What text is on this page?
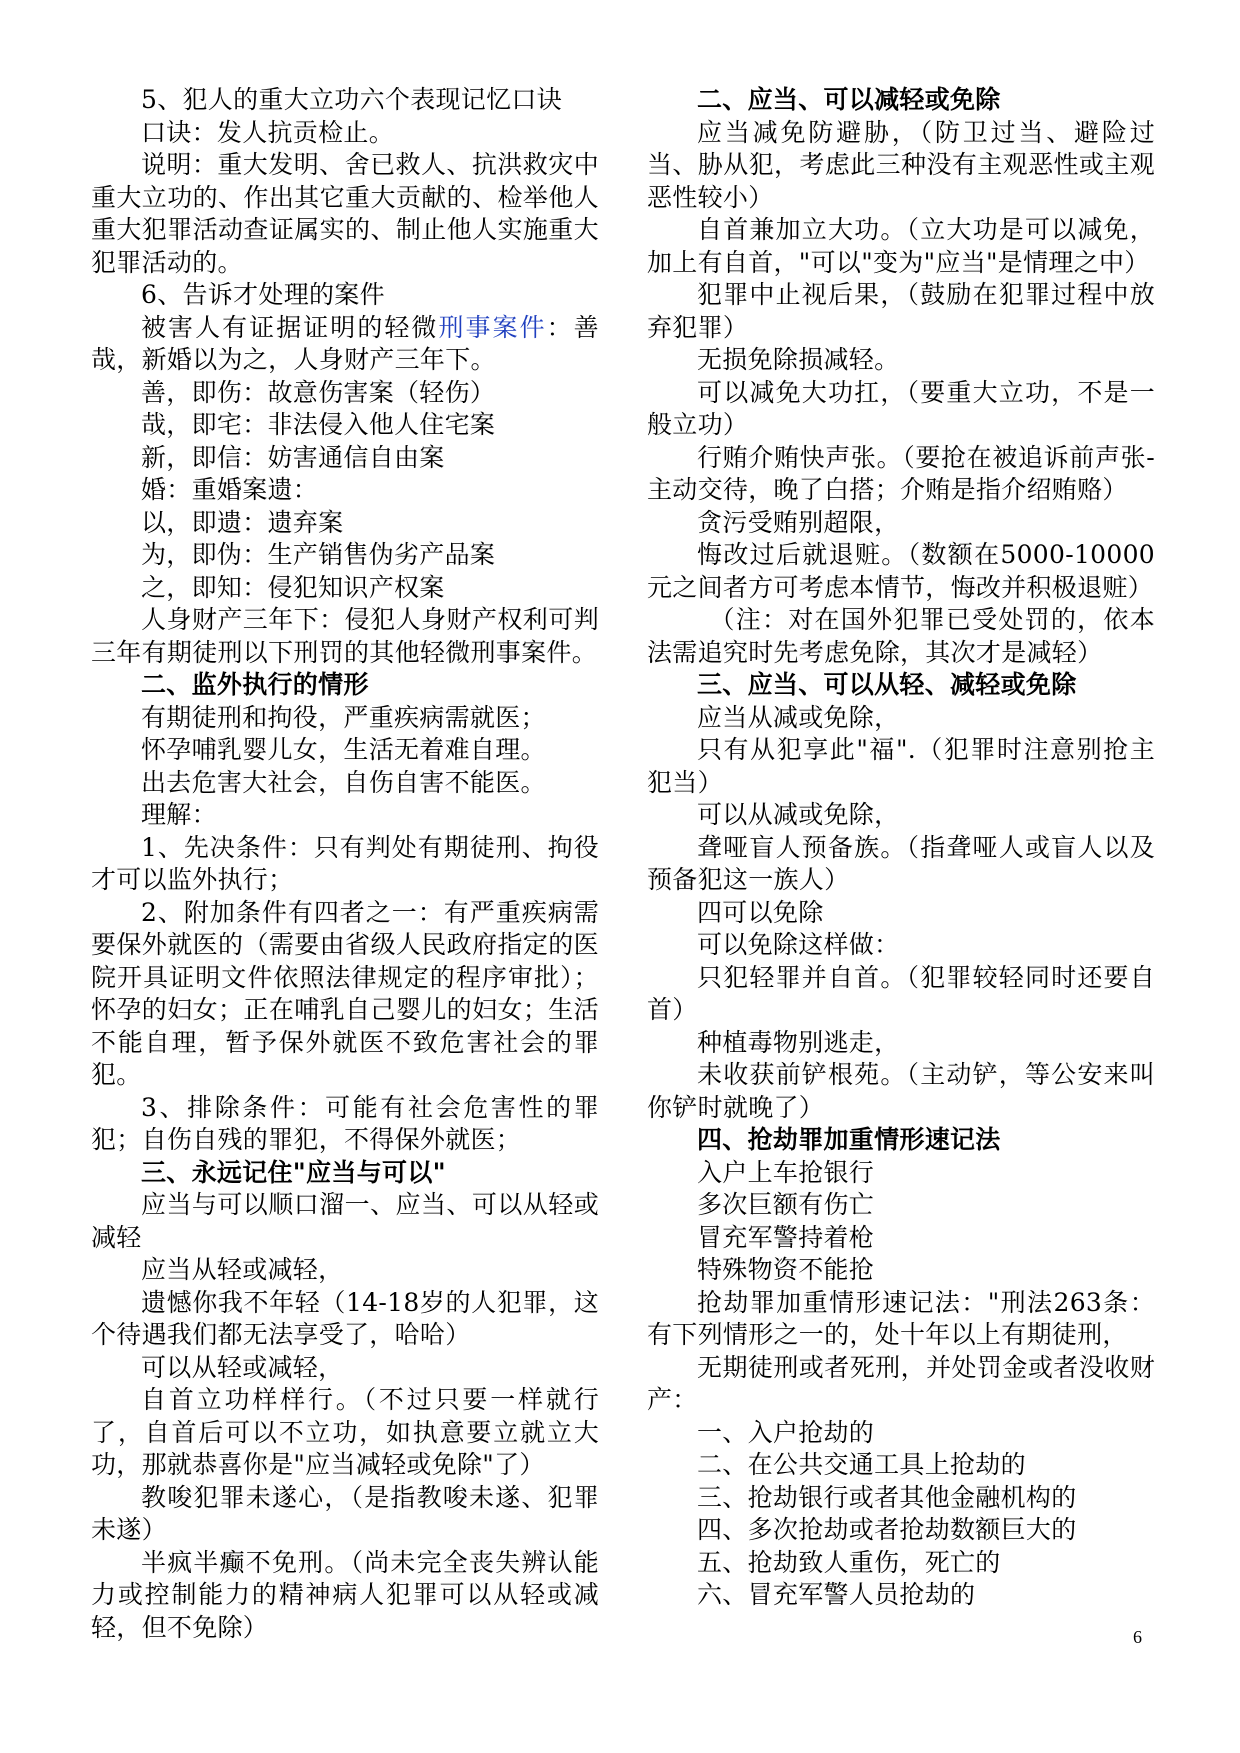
5、犯人的重大立功六个表现记忆口诀

口诀：发人抗贡检止。

说明：重大发明、舍已救人、抗洪救灾中重大立功的、作出其它重大贡献的、检举他人重大犯罪活动查证属实的、制止他人实施重大犯罪活动的。

6、告诉才处理的案件

被害人有证据证明的轻微刑事案件：善哉，新婚以为之，人身财产三年下。

善，即伤：故意伤害案（轻伤）

哉，即宅：非法侵入他人住宅案

新，即信：妨害通信自由案

婚：重婚案遗：

以，即遗：遗弃案

为，即伪：生产销售伪劣产品案

之，即知：侵犯知识产权案

人身财产三年下：侵犯人身财产权利可判三年有期徒刑以下刑罚的其他轻微刑事案件。

二、监外执行的情形

有期徒刑和拘役，严重疾病需就医；

怀孕哺乳婴儿女，生活无着难自理。

出去危害大社会，自伤自害不能医。

理解：

1、先决条件：只有判处有期徒刑、拘役才可以监外执行；

2、附加条件有四者之一：有严重疾病需要保外就医的（需要由省级人民政府指定的医院开具证明文件依照法律规定的程序审批）；怀孕的妇女；正在哺乳自己婴儿的妇女；生活不能自理，暂予保外就医不致危害社会的罪犯。

3、排除条件：可能有社会危害性的罪犯；自伤自残的罪犯，不得保外就医；

三、永远记住"应当与可以"

应当与可以顺口溜一、应当、可以从轻或减轻

应当从轻或减轻，

遗憾你我不年轻（14-18岁的人犯罪，这个待遇我们都无法享受了，哈哈）

可以从轻或减轻，

自首立功样样行。（不过只要一样就行了，自首后可以不立功，如执意要立就立大功，那就恭喜你是"应当减轻或免除"了）

教唆犯罪未遂心，（是指教唆未遂、犯罪未遂）

半疯半癫不免刑。（尚未完全丧失辨认能力或控制能力的精神病人犯罪可以从轻或减轻，但不免除）

二、应当、可以减轻或免除

应当减免防避胁，（防卫过当、避险过当、胁从犯，考虑此三种没有主观恶性或主观恶性较小）

自首兼加立大功。（立大功是可以减免，加上有自首，"可以"变为"应当"是情理之中）

犯罪中止视后果，（鼓励在犯罪过程中放弃犯罪）

无损免除损减轻。

可以减免大功扛，（要重大立功，不是一般立功）

行贿介贿快声张。（要抢在被追诉前声张-主动交待，晚了白搭；介贿是指介绍贿赂）

贪污受贿别超限，

悔改过后就退赃。（数额在5000-10000元之间者方可考虑本情节，悔改并积极退赃）

（注：对在国外犯罪已受处罚的，依本法需追究时先考虑免除，其次才是减轻）

三、应当、可以从轻、减轻或免除

应当从减或免除，

只有从犯享此"福".（犯罪时注意别抢主犯当）

可以从减或免除，

聋哑盲人预备族。（指聋哑人或盲人以及预备犯这一族人）

四可以免除

可以免除这样做：

只犯轻罪并自首。（犯罪较轻同时还要自首）

种植毒物别逃走，

未收获前铲根苑。（主动铲，等公安来叫你铲时就晚了）

四、抢劫罪加重情形速记法

入户上车抢银行

多次巨额有伤亡

冒充军警持着枪

特殊物资不能抢

抢劫罪加重情形速记法："刑法263条：有下列情形之一的，处十年以上有期徒刑，

无期徒刑或者死刑，并处罚金或者没收财产：

一、入户抢劫的

二、在公共交通工具上抢劫的

三、抢劫银行或者其他金融机构的

四、多次抢劫或者抢劫数额巨大的

五、抢劫致人重伤，死亡的

六、冒充军警人员抢劫的

6
